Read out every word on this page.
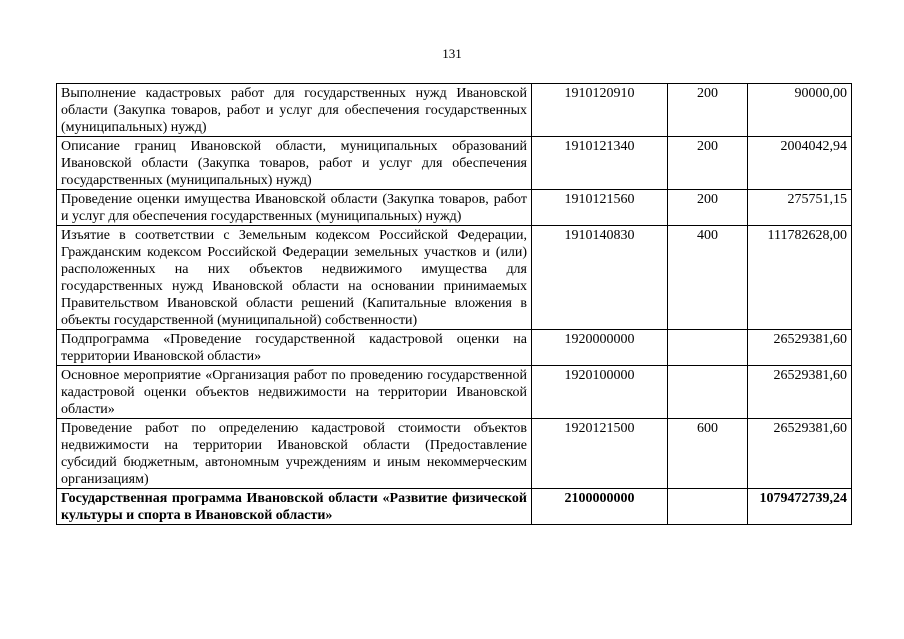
131
Выполнение кадастровых работ для государственных нужд Ивановской области (Закупка товаров, работ и услуг для обеспечения государственных (муниципальных) нужд)	1910120910	200	90000,00
Описание границ Ивановской области, муниципальных образований Ивановской области (Закупка товаров, работ и услуг для обеспечения государственных (муниципальных) нужд)	1910121340	200	2004042,94
Проведение оценки имущества Ивановской области (Закупка товаров, работ и услуг для обеспечения государственных (муниципальных) нужд)	1910121560	200	275751,15
Изъятие в соответствии с Земельным кодексом Российской Федерации, Гражданским кодексом Российской Федерации земельных участков и (или) расположенных на них объектов недвижимого имущества для государственных нужд Ивановской области на основании принимаемых Правительством Ивановской области решений (Капитальные вложения в объекты государственной (муниципальной) собственности)	1910140830	400	111782628,00
Подпрограмма «Проведение государственной кадастровой оценки на территории Ивановской области»	1920000000		26529381,60
Основное мероприятие «Организация работ по проведению государственной кадастровой оценки объектов недвижимости на территории Ивановской области»	1920100000		26529381,60
Проведение работ по определению кадастровой стоимости объектов недвижимости на территории Ивановской области (Предоставление субсидий бюджетным, автономным учреждениям и иным некоммерческим организациям)	1920121500	600	26529381,60
Государственная программа Ивановской области «Развитие физической культуры и спорта в Ивановской области»	2100000000		1079472739,24
